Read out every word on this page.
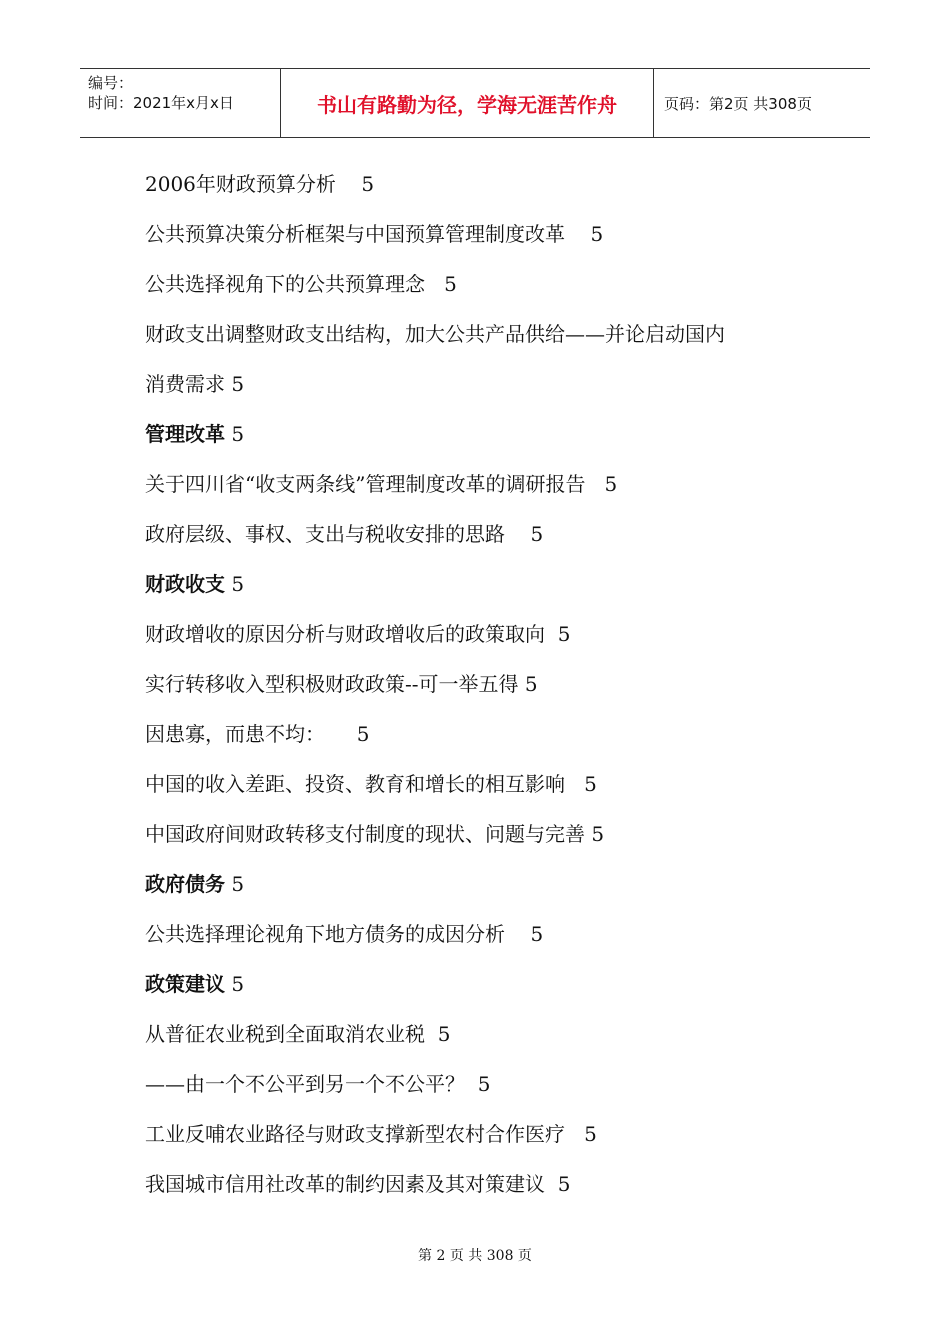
编号：
时间：2021年x月x日	书山有路勤为径，学海无涯苦作舟	页码：第2页 共308页
2006年财政预算分析 5
公共预算决策分析框架与中国预算管理制度改革 5
公共选择视角下的公共预算理念 5
财政支出调整财政支出结构，加大公共产品供给——并论启动国内
消费需求 5
管理改革 5
关于四川省“收支两条线”管理制度改革的调研报告 5
政府层级、事权、支出与税收安排的思路 5
财政收支 5
财政增收的原因分析与财政增收后的政策取向 5
实行转移收入型积极财政政策--可一举五得 5
因患寡，而患不均： 5
中国的收入差距、投资、教育和增长的相互影响 5
中国政府间财政转移支付制度的现状、问题与完善 5
政府债务 5
公共选择理论视角下地方债务的成因分析 5
政策建议 5
从普征农业税到全面取消农业税 5
——由一个不公平到另一个不公平？ 5
工业反哺农业路径与财政支撑新型农村合作医疗 5
我国城市信用社改革的制约因素及其对策建议 5
第 2 页 共 308 页
